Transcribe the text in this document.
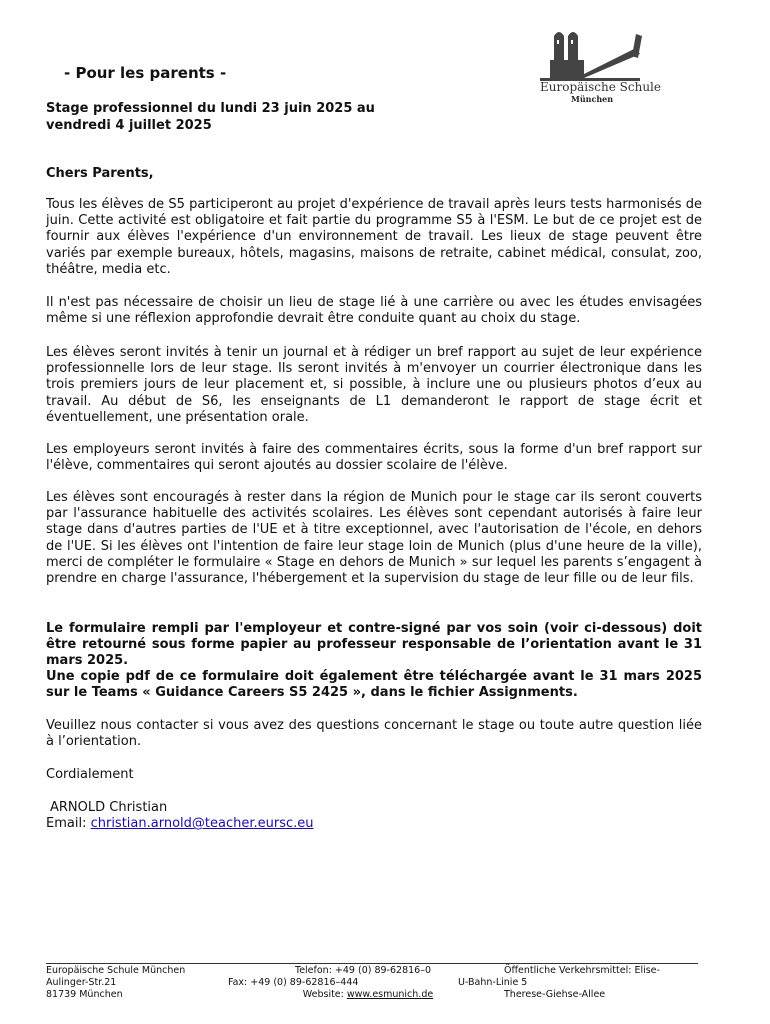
- Pour les parents -
Stage professionnel du lundi 23 juin 2025 au
vendredi 4 juillet 2025
Europäische Schule
München
Chers Parents,
Tous les élèves de S5 participeront au projet d'expérience de travail après leurs tests harmonisés de juin. Cette activité est obligatoire et fait partie du programme S5 à l'ESM. Le but de ce projet est de fournir aux élèves l'expérience d'un environnement de travail. Les lieux de stage peuvent être variés par exemple bureaux, hôtels, magasins, maisons de retraite, cabinet médical, consulat, zoo, théâtre, media etc.
Il n'est pas nécessaire de choisir un lieu de stage lié à une carrière ou avec les études envisagées même si une réflexion approfondie devrait être conduite quant au choix du stage.
Les élèves seront invités à tenir un journal et à rédiger un bref rapport au sujet de leur expérience professionnelle lors de leur stage. Ils seront invités à m'envoyer un courrier électronique dans les trois premiers jours de leur placement et, si possible, à inclure une ou plusieurs photos d’eux au travail. Au début de S6, les enseignants de L1 demanderont le rapport de stage écrit et éventuellement, une présentation orale.
Les employeurs seront invités à faire des commentaires écrits, sous la forme d'un bref rapport sur l'élève, commentaires qui seront ajoutés au dossier scolaire de l'élève.
Les élèves sont encouragés à rester dans la région de Munich pour le stage car ils seront couverts par l'assurance habituelle des activités scolaires. Les élèves sont cependant autorisés à faire leur stage dans d'autres parties de l'UE et à titre exceptionnel, avec l'autorisation de l'école, en dehors de l'UE. Si les élèves ont l'intention de faire leur stage loin de Munich (plus d'une heure de la ville), merci de compléter le formulaire « Stage en dehors de Munich » sur lequel les parents s’engagent à prendre en charge l'assurance, l'hébergement et la supervision du stage de leur fille ou de leur fils.
Le formulaire rempli par l'employeur et contre-signé par vos soin (voir ci-dessous) doit être retourné sous forme papier au professeur responsable de l’orientation avant le 31 mars 2025.
Une copie pdf de ce formulaire doit également être téléchargée avant le 31 mars 2025 sur le Teams « Guidance Careers S5 2425 », dans le fichier Assignments.
Veuillez nous contacter si vous avez des questions concernant le stage ou toute autre question liée à l’orientation.
Cordialement
ARNOLD Christian
Email: christian.arnold@teacher.eursc.eu
Europäische Schule München
Aulinger-Str.21
81739 München
Telefon: +49 (0) 89-62816–0
Fax: +49 (0) 89-62816–444
Website: www.esmunich.de
Öffentliche Verkehrsmittel: Elise-
U-Bahn-Linie 5
Therese-Giehse-Allee
